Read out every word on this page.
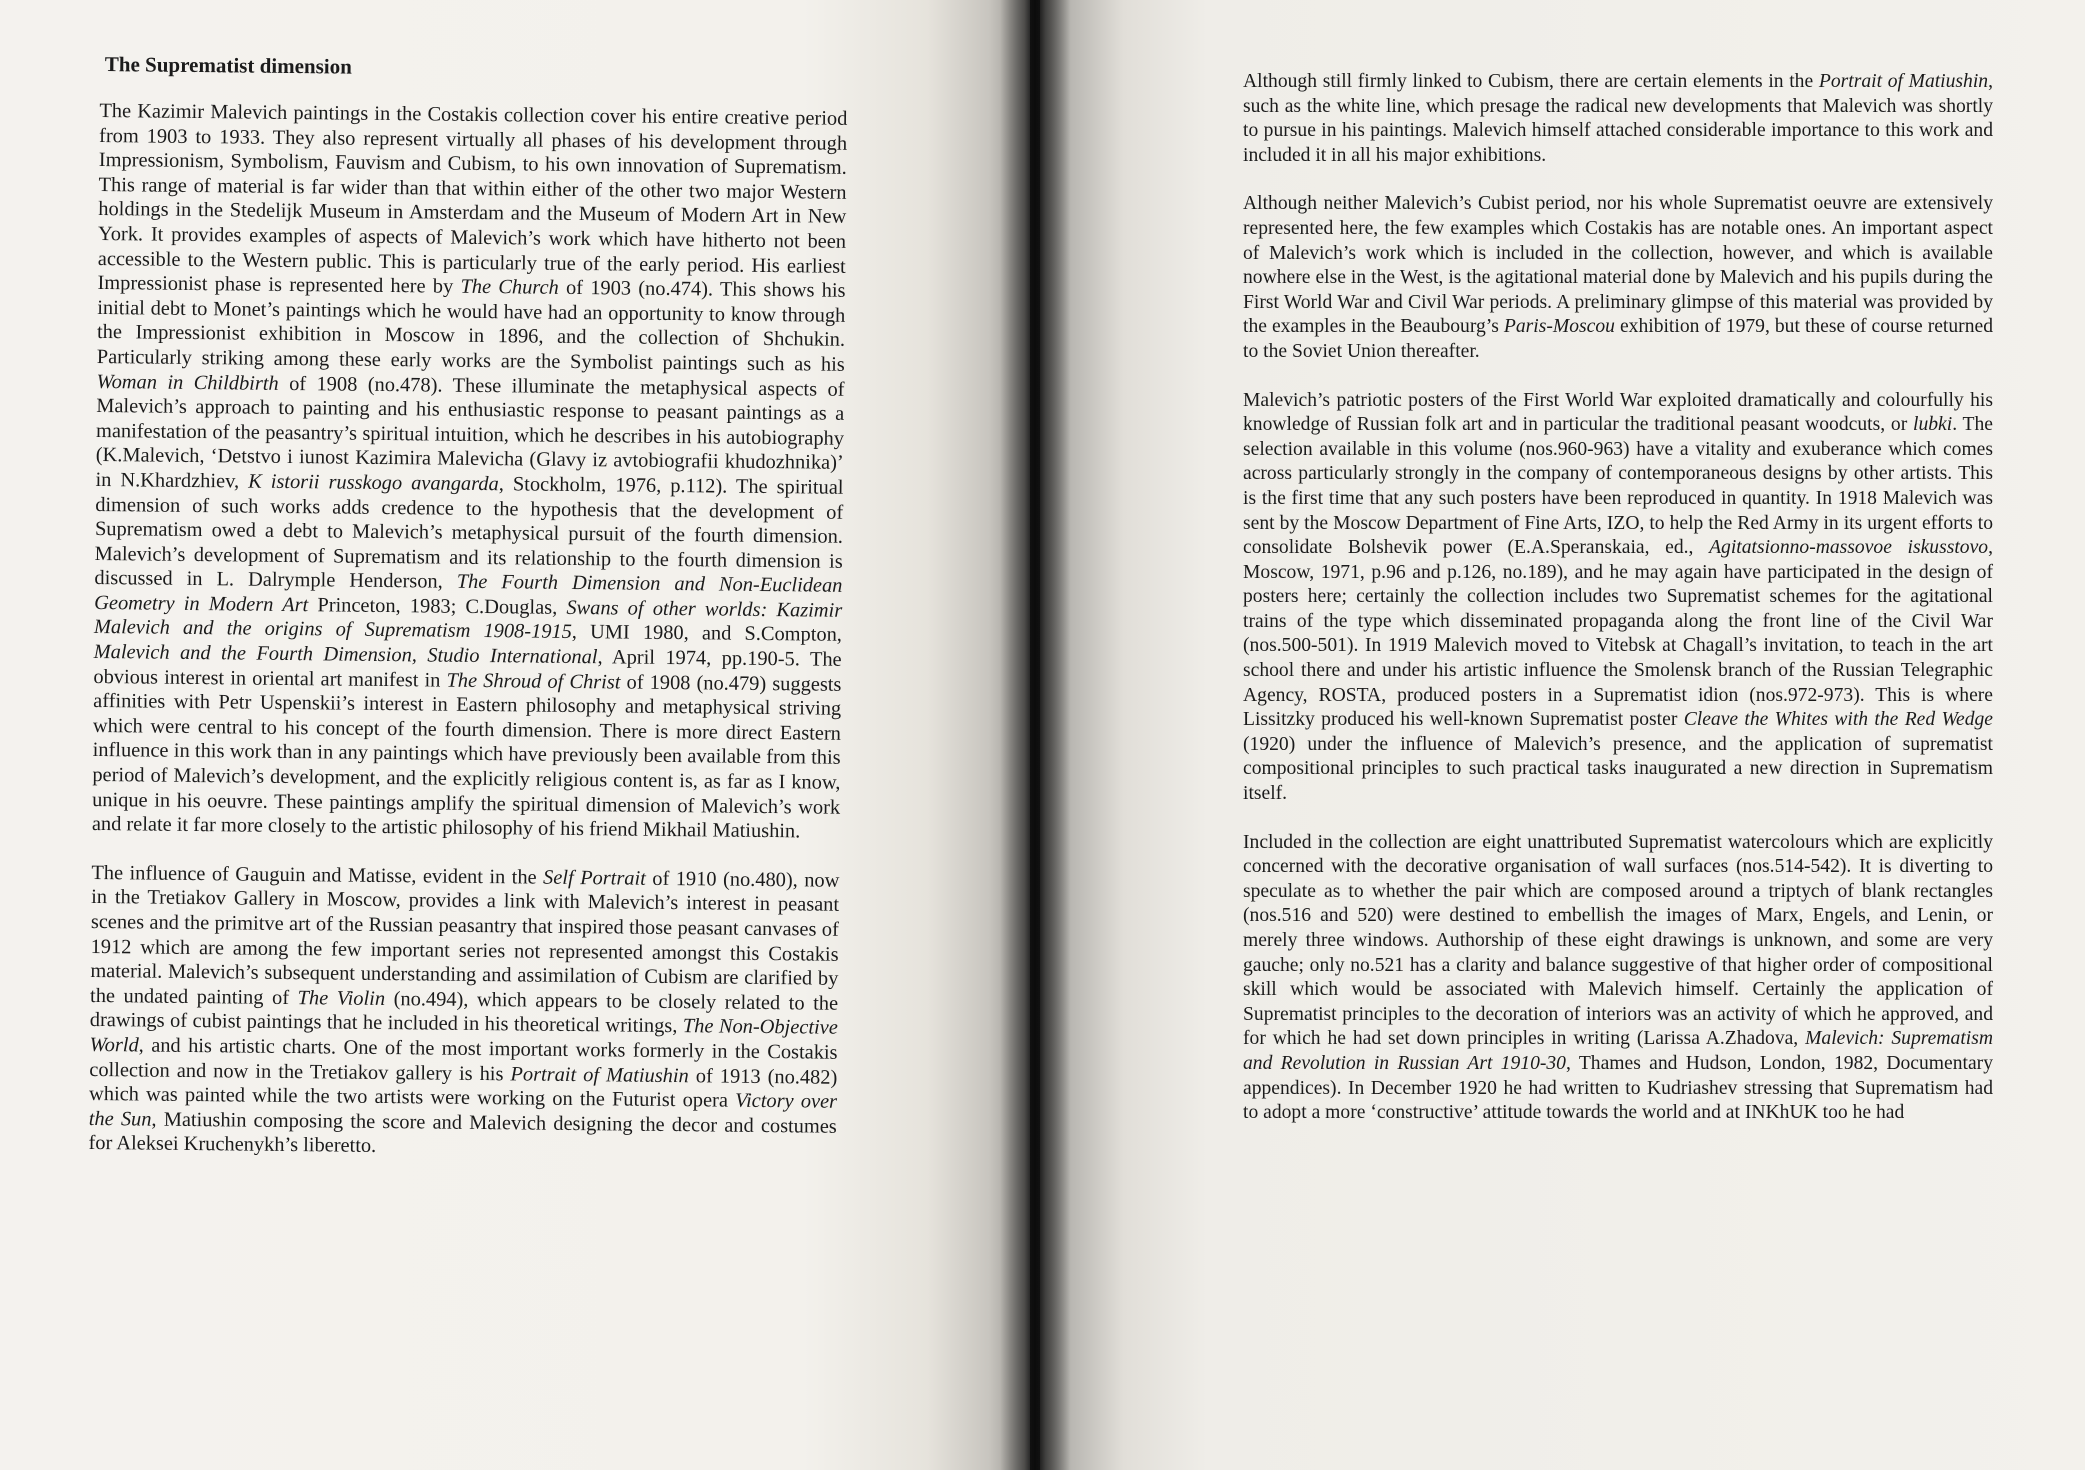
The Suprematist dimension

The Kazimir Malevich paintings in the Costakis collection cover his entire creative period from 1903 to 1933. They also represent virtually all phases of his development through Impressionism, Symbolism, Fauvism and Cubism, to his own innovation of Suprematism. This range of material is far wider than that within either of the other two major Western holdings in the Stedelijk Museum in Amsterdam and the Museum of Modern Art in New York. It provides examples of aspects of Malevich’s work which have hitherto not been accessible to the Western public. This is particularly true of the early period. His earliest Impressionist phase is represented here by The Church of 1903 (no.474). This shows his initial debt to Monet’s paintings which he would have had an opportunity to know through the Impressionist exhibition in Moscow in 1896, and the collection of Shchukin. Particularly striking among these early works are the Symbolist paintings such as his Woman in Childbirth of 1908 (no.478). These illuminate the metaphysical aspects of Malevich’s approach to painting and his enthusiastic response to peasant paintings as a manifestation of the peasantry’s spiritual intuition, which he describes in his autobiography (K.Malevich, ‘Detstvo i iunost Kazimira Malevicha (Glavy iz avtobiografii khudozhnika)’ in N.Khardzhiev, K istorii russkogo avangarda, Stockholm, 1976, p.112). The spiritual dimension of such works adds credence to the hypothesis that the development of Suprematism owed a debt to Malevich’s metaphysical pursuit of the fourth dimension. Malevich’s development of Suprematism and its relationship to the fourth dimension is discussed in L. Dalrymple Henderson, The Fourth Dimension and Non-Euclidean Geometry in Modern Art Princeton, 1983; C.Douglas, Swans of other worlds: Kazimir Malevich and the origins of Suprematism 1908-1915, UMI 1980, and S.Compton, Malevich and the Fourth Dimension, Studio International, April 1974, pp.190-5. The obvious interest in oriental art manifest in The Shroud of Christ of 1908 (no.479) suggests affinities with Petr Uspenskii’s interest in Eastern philosophy and metaphysical striving which were central to his concept of the fourth dimension. There is more direct Eastern influence in this work than in any paintings which have previously been available from this period of Malevich’s development, and the explicitly religious content is, as far as I know, unique in his oeuvre. These paintings amplify the spiritual dimension of Malevich’s work and relate it far more closely to the artistic philosophy of his friend Mikhail Matiushin.

The influence of Gauguin and Matisse, evident in the Self Portrait of 1910 (no.480), now in the Tretiakov Gallery in Moscow, provides a link with Malevich’s interest in peasant scenes and the primitve art of the Russian peasantry that inspired those peasant canvases of 1912 which are among the few important series not represented amongst this Costakis material. Malevich’s subsequent understanding and assimilation of Cubism are clarified by the undated painting of The Violin (no.494), which appears to be closely related to the drawings of cubist paintings that he included in his theoretical writings, The Non-Objective World, and his artistic charts. One of the most important works formerly in the Costakis collection and now in the Tretiakov gallery is his Portrait of Matiushin of 1913 (no.482) which was painted while the two artists were working on the Futurist opera Victory over the Sun, Matiushin composing the score and Malevich designing the decor and costumes for Aleksei Kruchenykh’s liberetto.

Although still firmly linked to Cubism, there are certain elements in the Portrait of Matiushin, such as the white line, which presage the radical new developments that Malevich was shortly to pursue in his paintings. Malevich himself attached considerable importance to this work and included it in all his major exhibitions.

Although neither Malevich’s Cubist period, nor his whole Suprematist oeuvre are extensively represented here, the few examples which Costakis has are notable ones. An important aspect of Malevich’s work which is included in the collection, however, and which is available nowhere else in the West, is the agitational material done by Malevich and his pupils during the First World War and Civil War periods. A preliminary glimpse of this material was provided by the examples in the Beaubourg’s Paris-Moscou exhibition of 1979, but these of course returned to the Soviet Union thereafter.

Malevich’s patriotic posters of the First World War exploited dramatically and colourfully his knowledge of Russian folk art and in particular the traditional peasant woodcuts, or lubki. The selection available in this volume (nos.960-963) have a vitality and exuberance which comes across particularly strongly in the company of contemporaneous designs by other artists. This is the first time that any such posters have been reproduced in quantity. In 1918 Malevich was sent by the Moscow Department of Fine Arts, IZO, to help the Red Army in its urgent efforts to consolidate Bolshevik power (E.A.Speranskaia, ed., Agitatsionno-massovoe iskusstovo, Moscow, 1971, p.96 and p.126, no.189), and he may again have participated in the design of posters here; certainly the collection includes two Suprematist schemes for the agitational trains of the type which disseminated propaganda along the front line of the Civil War (nos.500-501). In 1919 Malevich moved to Vitebsk at Chagall’s invitation, to teach in the art school there and under his artistic influence the Smolensk branch of the Russian Telegraphic Agency, ROSTA, produced posters in a Suprematist idion (nos.972-973). This is where Lissitzky produced his well-known Suprematist poster Cleave the Whites with the Red Wedge (1920) under the influence of Malevich’s presence, and the application of suprematist compositional principles to such practical tasks inaugurated a new direction in Suprematism itself.

Included in the collection are eight unattributed Suprematist watercolours which are explicitly concerned with the decorative organisation of wall surfaces (nos.514-542). It is diverting to speculate as to whether the pair which are composed around a triptych of blank rectangles (nos.516 and 520) were destined to embellish the images of Marx, Engels, and Lenin, or merely three windows. Authorship of these eight drawings is unknown, and some are very gauche; only no.521 has a clarity and balance suggestive of that higher order of compositional skill which would be associated with Malevich himself. Certainly the application of Suprematist principles to the decoration of interiors was an activity of which he approved, and for which he had set down principles in writing (Larissa A.Zhadova, Malevich: Suprematism and Revolution in Russian Art 1910-30, Thames and Hudson, London, 1982, Documentary appendices). In December 1920 he had written to Kudriashev stressing that Suprematism had to adopt a more ‘constructive’ attitude towards the world and at INKhUK too he had
